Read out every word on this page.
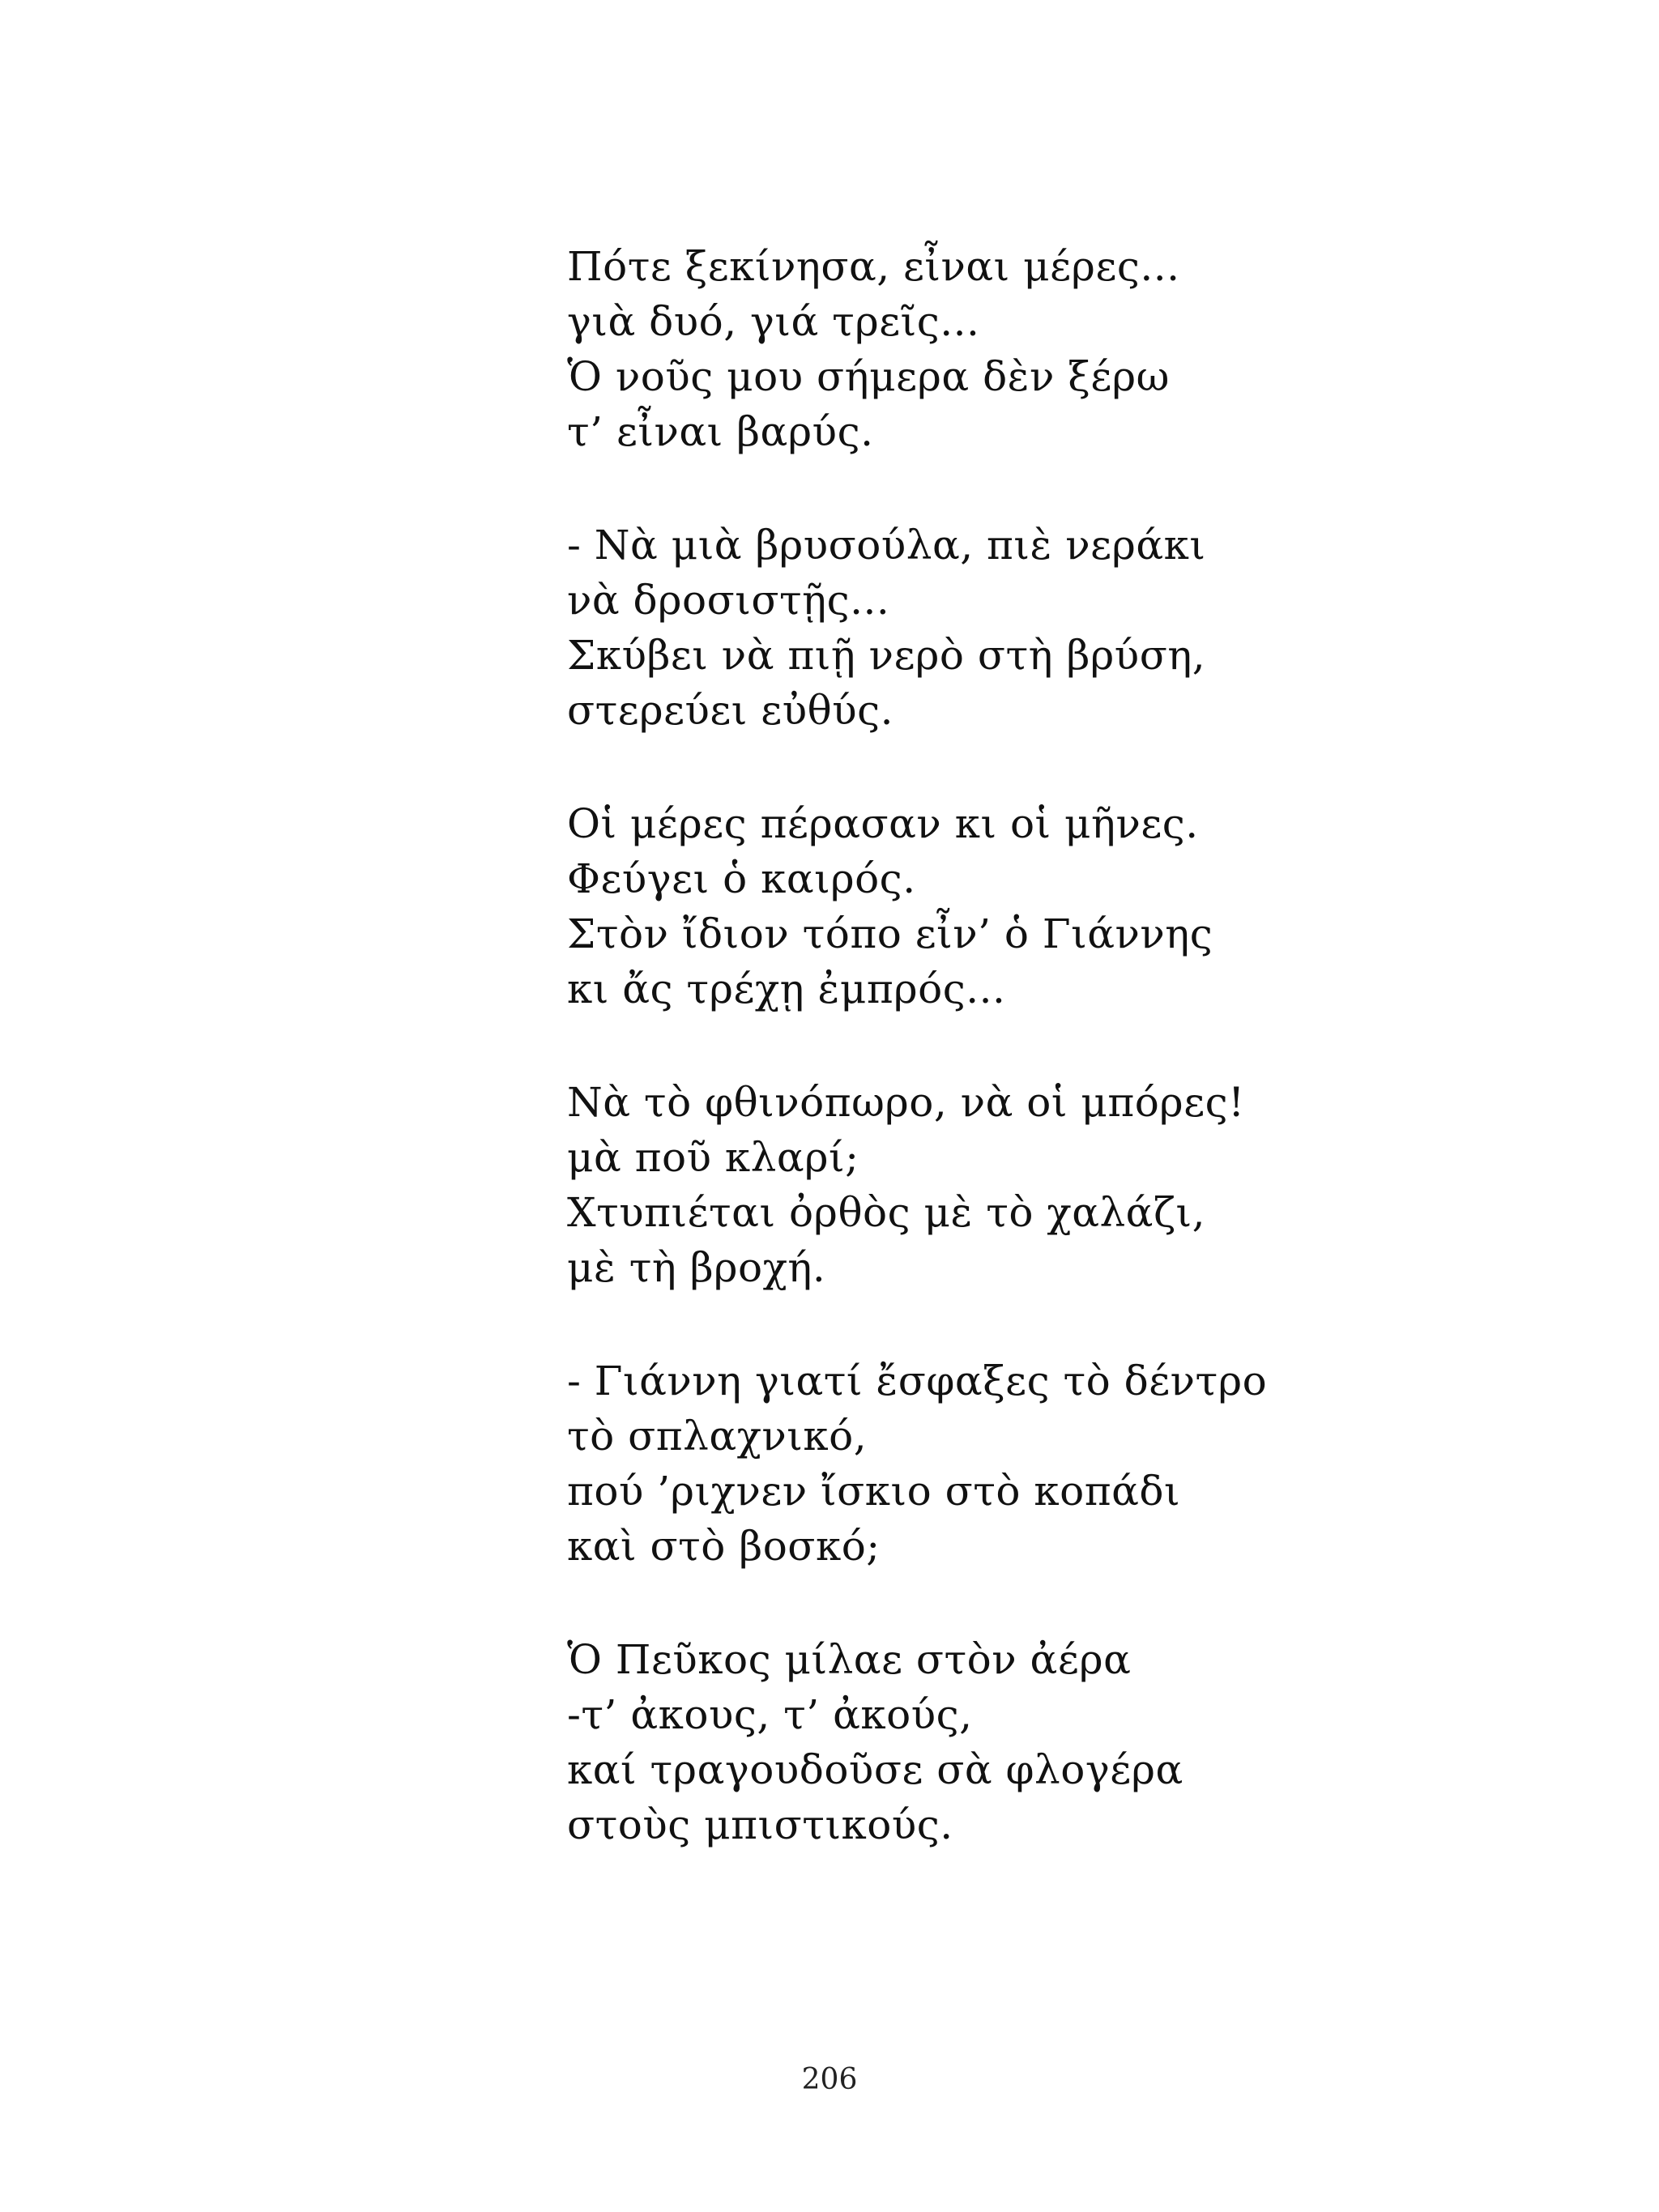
Πότε ξεκίνησα, εἶναι μέρες...
γιὰ δυό, γιά τρεῖς...
Ὁ νοῦς μου σήμερα δὲν ξέρω
τ’ εἶναι βαρύς.
- Νὰ μιὰ βρυσούλα, πιὲ νεράκι
νὰ δροσιστῇς...
Σκύβει νὰ πιῇ νερὸ στὴ βρύση,
στερεύει εὐθύς.
Οἱ μέρες πέρασαν κι οἱ μῆνες.
Φεύγει ὁ καιρός.
Στὸν ἴδιον τόπο εἶν’ ὁ Γιάννης
κι ἄς τρέχῃ ἐμπρός...
Νὰ τὸ φθινόπωρο, νὰ οἱ μπόρες!
μὰ ποῦ κλαρί;
Χτυπιέται ὀρθὸς μὲ τὸ χαλάζι,
μὲ τὴ βροχή.
- Γιάννη γιατί ἔσφαξες τὸ δέντρο
τὸ σπλαχνικό,
πού ’ριχνεν ἴσκιο στὸ κοπάδι
καὶ στὸ βοσκό;
Ὁ Πεῦκος μίλαε στὸν ἀέρα
-τ’ ἀκους, τ’ ἀκούς,
καί τραγουδοῦσε σὰ φλογέρα
στοὺς μπιστικούς.
206
